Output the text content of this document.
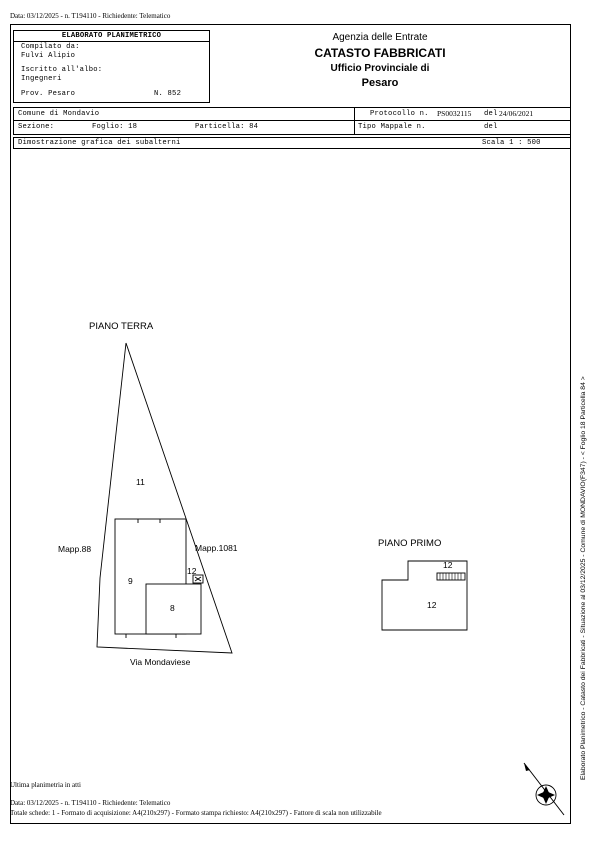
Data: 03/12/2025 - n. T194110 - Richiedente: Telematico
ELABORATO PLANIMETRICO
Compilato da:
Fulvi Alipio
Iscritto all'albo:
Ingegneri
Prov. Pesaro	N. 852
Agenzia delle Entrate
CATASTO FABBRICATI
Ufficio Provinciale di
Pesaro
Comune di Mondavio
Sezione:	Foglio: 18	Particella: 84
Protocollo n. PS0032115 del 24/06/2021
Tipo Mappale n.	del
Dimostrazione grafica dei subalterni	Scala 1 : 500
PIANO TERRA
PIANO PRIMO
11
9
8
12
12
12
Mapp.88	Mapp.1081
Via Mondaviese	Elaborato Planimetrico - Catasto dei Fabbricati - Situazione al 03/12/2025 - Comune di MONDAVIO(F347) - < Foglio 18 Particella 84 >
Ultima planimetria in atti
Data: 03/12/2025 - n. T194110 - Richiedente: Telematico
Totale schede: 1 - Formato di acquisizione: A4(210x297) - Formato stampa richiesto: A4(210x297) - Fattore di scala non utilizzabile
